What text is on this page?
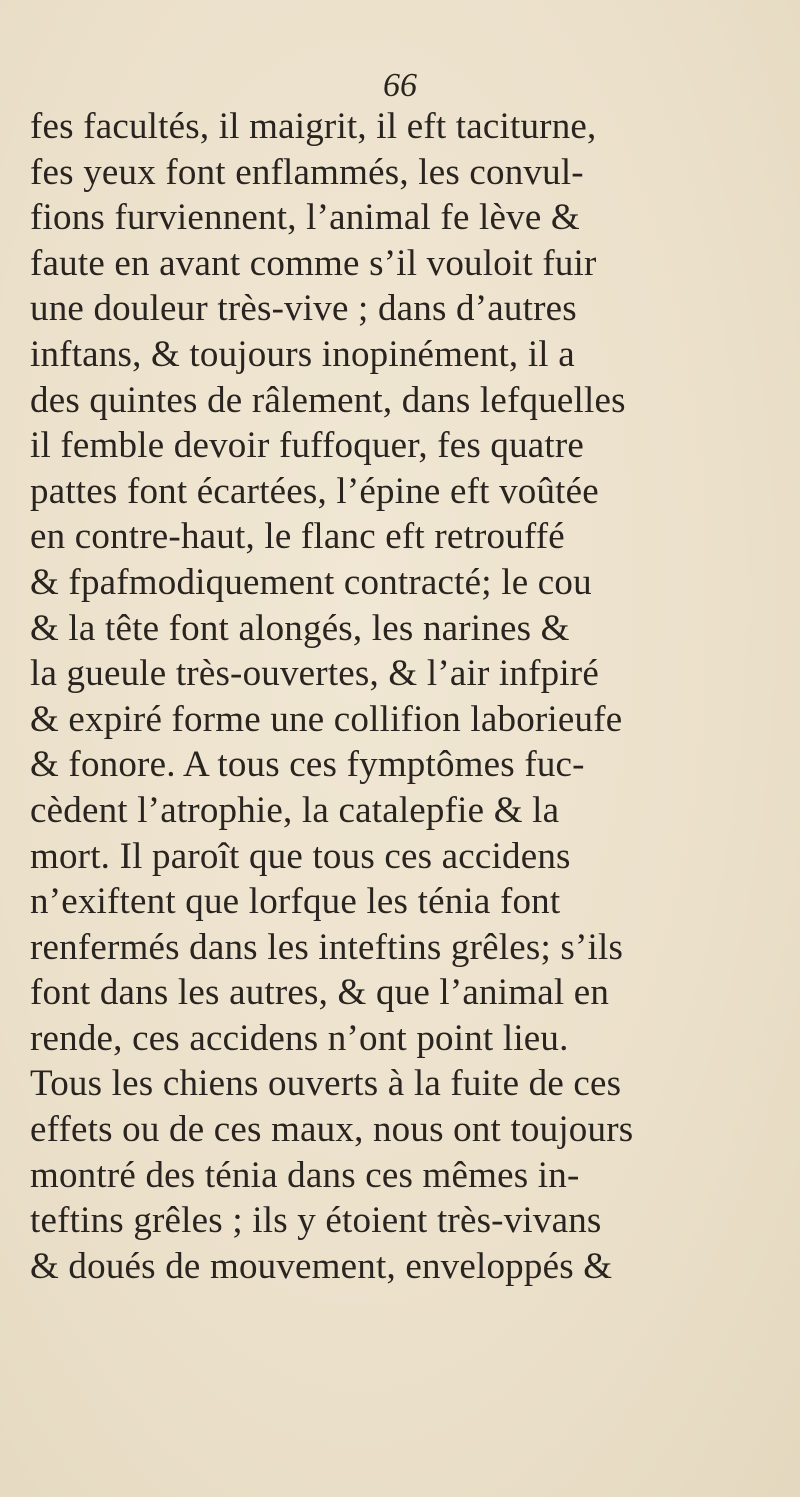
66
fes facultés, il maigrit, il eft taciturne,
fes yeux font enflammés, les convul-
fions furviennent, l’animal fe lève &
faute en avant comme s’il vouloit fuir
une douleur très-vive ; dans d’autres
inftans, & toujours inopinément, il a
des quintes de râlement, dans lefquelles
il femble devoir fuffoquer, fes quatre
pattes font écartées, l’épine eft voûtée
en contre-haut, le flanc eft retrouffé
& fpafmodiquement contracté; le cou
& la tête font alongés, les narines &
la gueule très-ouvertes, & l’air infpiré
& expiré forme une collifion laborieufe
& fonore. A tous ces fymptômes fuc-
cèdent l’atrophie, la catalepfie & la
mort. Il paroît que tous ces accidens
n’exiftent que lorfque les ténia font
renfermés dans les inteftins grêles; s’ils
font dans les autres, & que l’animal en
rende, ces accidens n’ont point lieu.
Tous les chiens ouverts à la fuite de ces
effets ou de ces maux, nous ont toujours
montré des ténia dans ces mêmes in-
teftins grêles ; ils y étoient très-vivans
& doués de mouvement, enveloppés &
